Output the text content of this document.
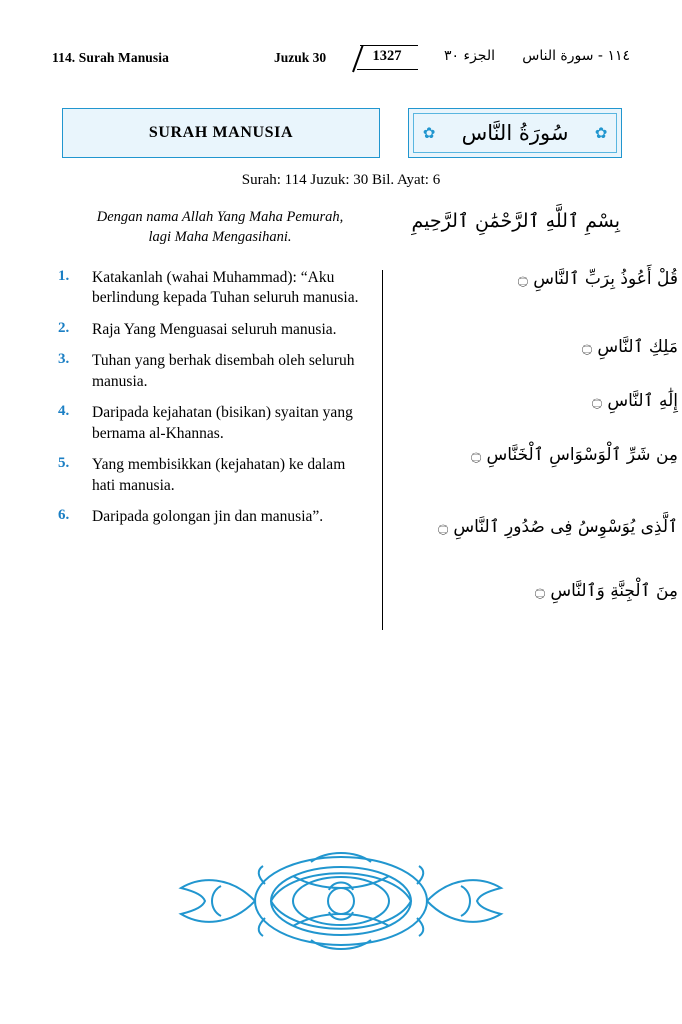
114. Surah Manusia	Juzuk 30	1327	الجزء ٣٠ ١١٤ - سورة الناس
SURAH MANUSIA	✿	✿
سُورَةُ النَّاس
Surah: 114 Juzuk: 30 Bil. Ayat: 6
Dengan nama Allah Yang Maha Pemurah,
lagi Maha Mengasihani.
بِسْمِ ٱللَّهِ ٱلرَّحْمَٰنِ ٱلرَّحِيمِ
1.	Katakanlah (wahai Muhammad): “Aku berlindung kepada Tuhan seluruh manusia.
2.	Raja Yang Menguasai seluruh manusia.
3.	Tuhan yang berhak disembah oleh seluruh manusia.
4.	Daripada kejahatan (bisikan) syaitan yang bernama al-Khannas.
5.	Yang membisikkan (kejahatan) ke dalam hati manusia.
6.	Daripada golongan jin dan manusia”.
قُلْ أَعُوذُ بِرَبِّ ٱلنَّاسِ ۝
مَلِكِ ٱلنَّاسِ ۝
إِلَٰهِ ٱلنَّاسِ ۝
مِن شَرِّ ٱلْوَسْوَاسِ ٱلْخَنَّاسِ ۝
ٱلَّذِى يُوَسْوِسُ فِى صُدُورِ ٱلنَّاسِ ۝
مِنَ ٱلْجِنَّةِ وَٱلنَّاسِ ۝
